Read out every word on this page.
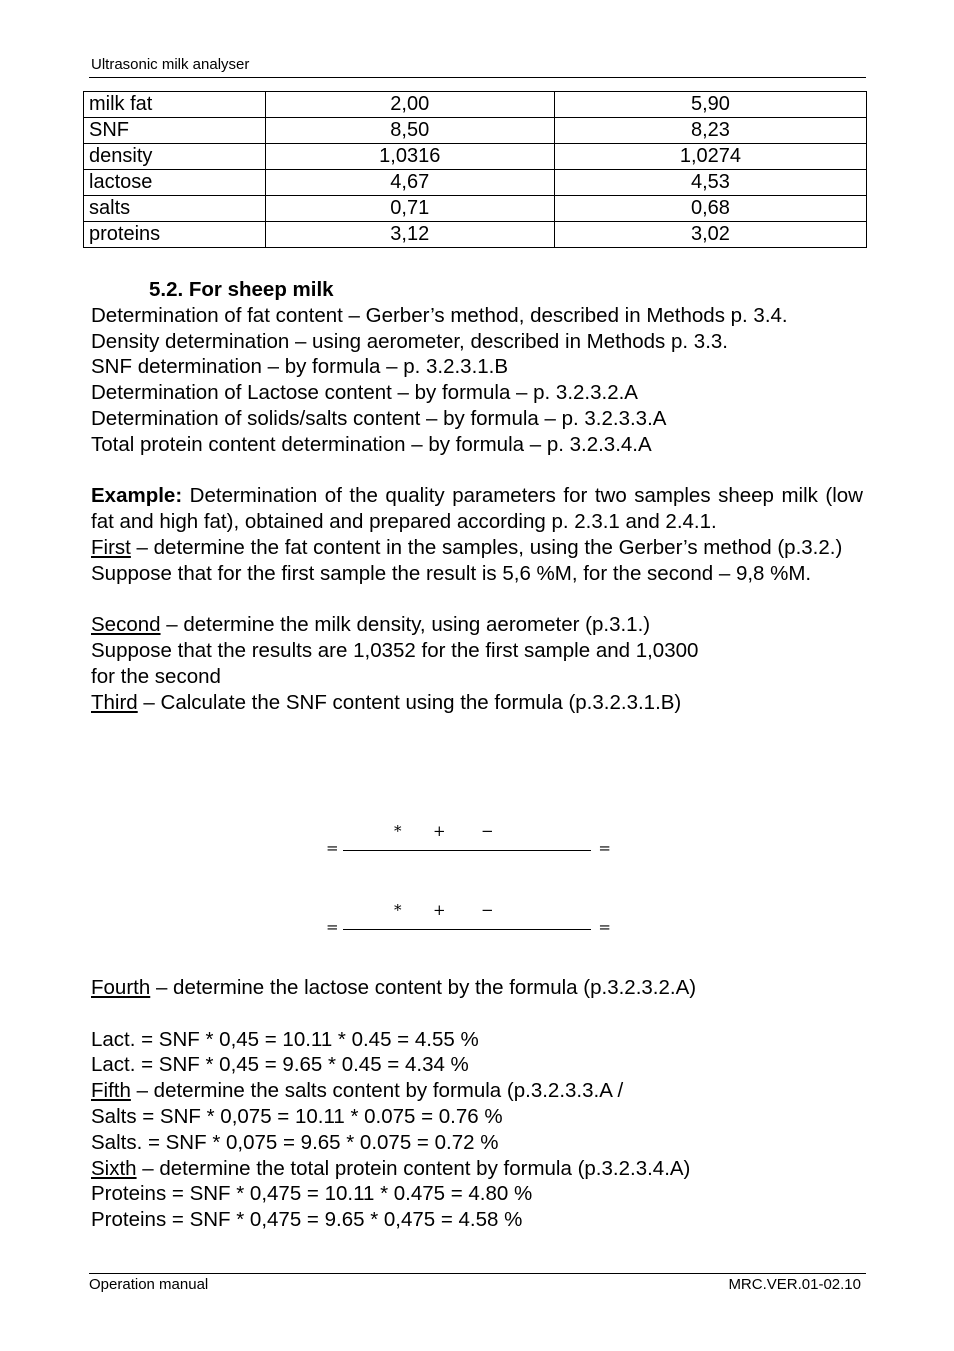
Ultrasonic milk analyser
milk fat	2,00	5,90
SNF	8,50	8,23
density	1,0316	1,0274
lactose	4,67	4,53
salts	0,71	0,68
proteins	3,12	3,02

5.2. For sheep milk

Determination of fat content – Gerber’s method, described in Methods p. 3.4.

Density determination – using aerometer, described in Methods p. 3.3.

SNF determination – by formula – p. 3.2.3.1.B

Determination of Lactose content – by formula – p. 3.2.3.2.A

Determination of solids/salts content – by formula – p. 3.2.3.3.A

Total protein content determination – by formula – p. 3.2.3.4.A

Example: Determination of the quality parameters for two samples sheep milk (low fat and high fat), obtained and prepared according p. 2.3.1 and 2.4.1.

First – determine the fat content in the samples, using the Gerber’s method (p.3.2.)

Suppose that for the first sample the result is 5,6 %M, for the second – 9,8 %M.

Second – determine the milk density, using aerometer (p.3.1.)

Suppose that the results are 1,0352 for the first sample and 1,0300

for the second

Third – Calculate the SNF content using the formula (p.3.2.3.1.B)

=
* + −
=
=
* + −
=

Fourth – determine the lactose content by the formula (p.3.2.3.2.A)

Lact. = SNF * 0,45 = 10.11 * 0.45 = 4.55 %

Lact. = SNF * 0,45 = 9.65 * 0.45 = 4.34 %

Fifth – determine the salts content by formula (p.3.2.3.3.A /

Salts = SNF * 0,075 = 10.11 * 0.075 = 0.76 %

Salts. = SNF * 0,075 = 9.65 * 0.075 = 0.72 %

Sixth – determine the total protein content by formula (p.3.2.3.4.A)

Proteins = SNF * 0,475 = 10.11 * 0.475 = 4.80 %

Proteins = SNF * 0,475 = 9.65 * 0,475 = 4.58 %

Operation manual	MRC.VER.01-02.10
